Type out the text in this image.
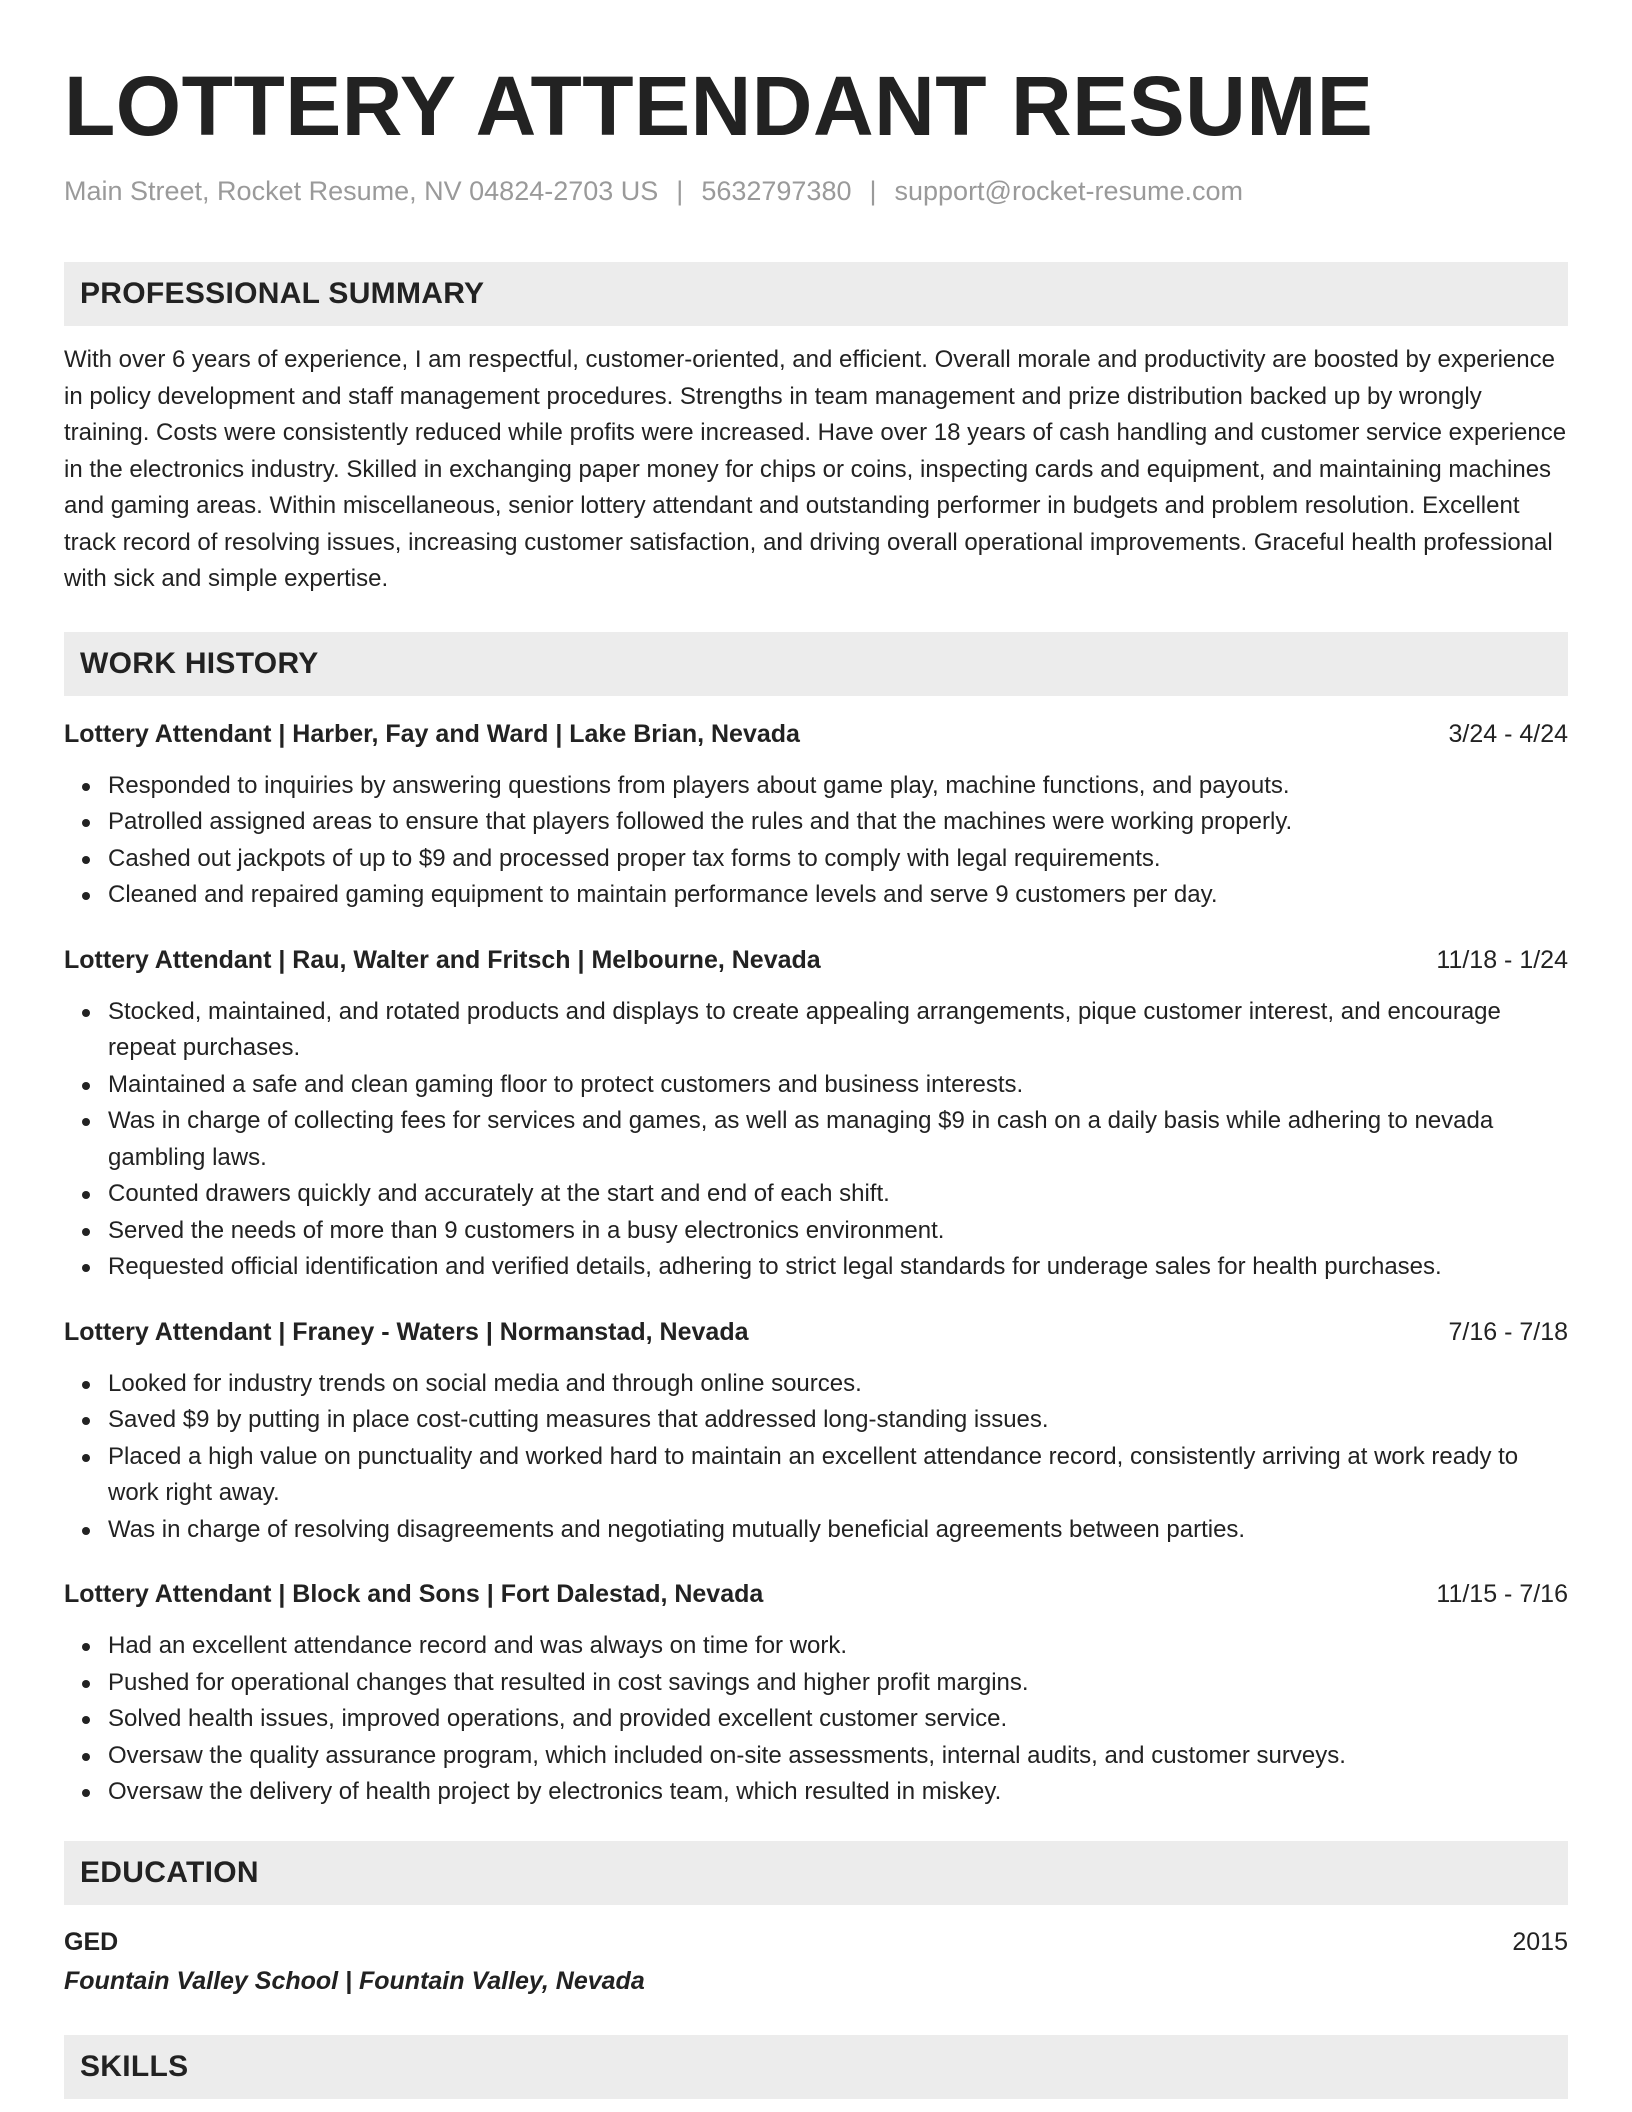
LOTTERY ATTENDANT RESUME
Main Street, Rocket Resume, NV 04824-2703 US | 5632797380 | support@rocket-resume.com
PROFESSIONAL SUMMARY

With over 6 years of experience, I am respectful, customer-oriented, and efficient. Overall morale and productivity are boosted by experience in policy development and staff management procedures. Strengths in team management and prize distribution backed up by wrongly training. Costs were consistently reduced while profits were increased. Have over 18 years of cash handling and customer service experience in the electronics industry. Skilled in exchanging paper money for chips or coins, inspecting cards and equipment, and maintaining machines and gaming areas. Within miscellaneous, senior lottery attendant and outstanding performer in budgets and problem resolution. Excellent track record of resolving issues, increasing customer satisfaction, and driving overall operational improvements. Graceful health professional with sick and simple expertise.

WORK HISTORY
Lottery Attendant | Harber, Fay and Ward | Lake Brian, Nevada	3/24 - 4/24
Responded to inquiries by answering questions from players about game play, machine functions, and payouts.
Patrolled assigned areas to ensure that players followed the rules and that the machines were working properly.
Cashed out jackpots of up to $9 and processed proper tax forms to comply with legal requirements.
Cleaned and repaired gaming equipment to maintain performance levels and serve 9 customers per day.
Lottery Attendant | Rau, Walter and Fritsch | Melbourne, Nevada	11/18 - 1/24
Stocked, maintained, and rotated products and displays to create appealing arrangements, pique customer interest, and encourage repeat purchases.
Maintained a safe and clean gaming floor to protect customers and business interests.
Was in charge of collecting fees for services and games, as well as managing $9 in cash on a daily basis while adhering to nevada gambling laws.
Counted drawers quickly and accurately at the start and end of each shift.
Served the needs of more than 9 customers in a busy electronics environment.
Requested official identification and verified details, adhering to strict legal standards for underage sales for health purchases.
Lottery Attendant | Franey - Waters | Normanstad, Nevada	7/16 - 7/18
Looked for industry trends on social media and through online sources.
Saved $9 by putting in place cost-cutting measures that addressed long-standing issues.
Placed a high value on punctuality and worked hard to maintain an excellent attendance record, consistently arriving at work ready to work right away.
Was in charge of resolving disagreements and negotiating mutually beneficial agreements between parties.
Lottery Attendant | Block and Sons | Fort Dalestad, Nevada	11/15 - 7/16
Had an excellent attendance record and was always on time for work.
Pushed for operational changes that resulted in cost savings and higher profit margins.
Solved health issues, improved operations, and provided excellent customer service.
Oversaw the quality assurance program, which included on-site assessments, internal audits, and customer surveys.
Oversaw the delivery of health project by electronics team, which resulted in miskey.
EDUCATION
GED	2015
Fountain Valley School | Fountain Valley, Nevada
SKILLS
